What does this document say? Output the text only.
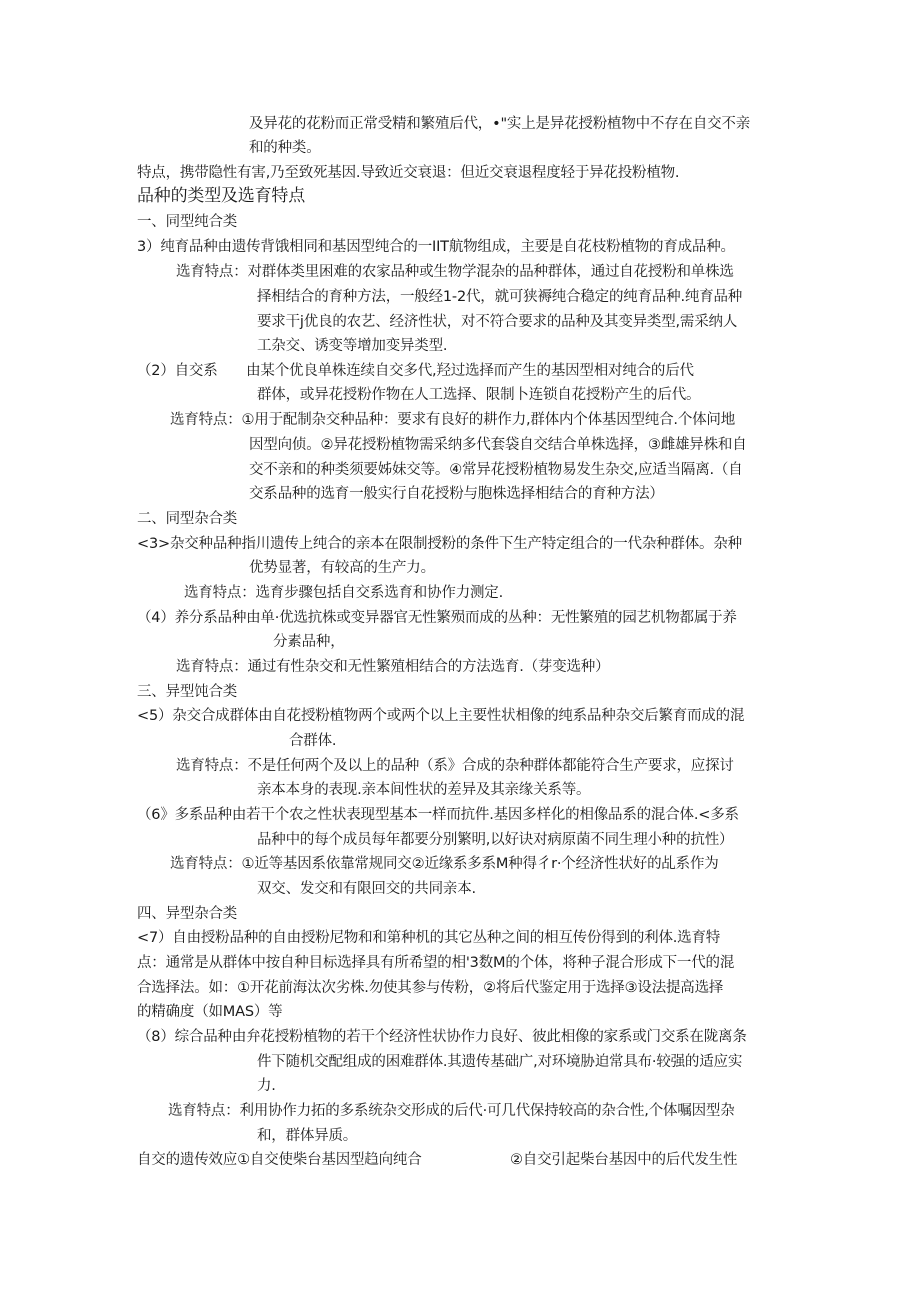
及异花的花粉而正常受精和繁殖后代，•"实上是异花授粉植物中不存在自交不亲
和的种类。
特点，携带隐性有害,乃至致死基因.导致近交衰退：但近交衰退程度轻于异花投粉植物.
品种的类型及选育特点
一、同型纯合类
3）纯育品种由遗传背饿相同和基因型纯合的一IIT航物组成，主要是自花枝粉植物的育成品种。
选育特点：对群体类里困难的农家品种或生物学混杂的品种群体，通过自花授粉和单株选
择相结合的育种方法，一般经1-2代，就可狭褥纯合稳定的纯育品种.纯育品种
要求干j优良的农艺、经济性状，对不符合要求的品种及其变异类型,需采纳人
工杂交、诱变等增加变异类型.
（2）自交系　　由某个优良单株连续自交多代,羟过选择而产生的基因型相对纯合的后代
群体，或异花授粉作物在人工选择、限制卜连锁自花授粉产生的后代。
选育特点：①用于配制杂交种品种：要求有良好的耕作力,群体内个体基因型纯合.个体问地
因型向侦。②异花授粉植物需采纳多代套袋自交结合单株选择，③雌雄异株和自
交不亲和的种类须要姊妹交等。④常异花授粉植物易发生杂交,应适当隔离.（自
交系品种的选育一般实行自花授粉与胞株选择相结合的育种方法）
二、同型杂合类
<3>杂交种品种指川遗传上纯合的亲本在限制授粉的条件下生产特定组合的一代杂种群体。杂种
优势显著，有较高的生产力。
选育特点：选育步骤包括自交系选育和协作力测定.
（4）养分系品种由单·优选抗株或变异器官无性繁殒而成的丛种：无性繁殖的园艺机物都属于养
分素品种，
选育特点：通过有性杂交和无性繁殖相结合的方法选育.（芽变选种）
三、异型饨合类
<5）杂交合成群体由自花授粉植物两个或两个以上主要性状相像的纯系品种杂交后繁育而成的混
合群体.
选育特点：不是任何两个及以上的品种（系》合成的杂种群体都能符合生产要求，应探讨
亲本本身的表现.亲本间性状的差异及其亲缘关系等。
（6》多系品种由若干个农之性状表现型基本一样而抗件.基因多样化的相像品系的混合体.<多系
品种中的每个成员每年都要分别繁明,以好诀对病原菌不同生理小种的抗性）
选育特点：①近等基因系依靠常规同交②近缘系多系M种得彳r·个经济性状好的乩系作为
双交、发交和有限回交的共同亲本.
四、异型杂合类
<7）自由授粉品种的自由授粉尼物和和第种机的其它丛种之间的相互传份得到的利体.选育特
点：通常是从群体中按自种目标选择具有所希望的相'3数M的个体，将种子混合形成下一代的混
合选择法。如：①开花前海汰次劣株.勿使其参与传粉，②将后代鉴定用于选择③设法提高选择
的精确度（如MAS）等
（8）综合品种由弁花授粉植物的若干个经济性状协作力良好、彼此相像的家系或门交系在陇离条
件下随机交配组成的困难群体.其遗传基础广,对环境胁迫常具布·较强的适应实
力.
选育特点：利用协作力拓的多系统杂交形成的后代·可几代保持较高的杂合性,个体嘱因型杂
和，群体异质。
自交的遗传效应①自交使柴台基因型趋向纯合	②自交引起柴台基因中的后代发生性
